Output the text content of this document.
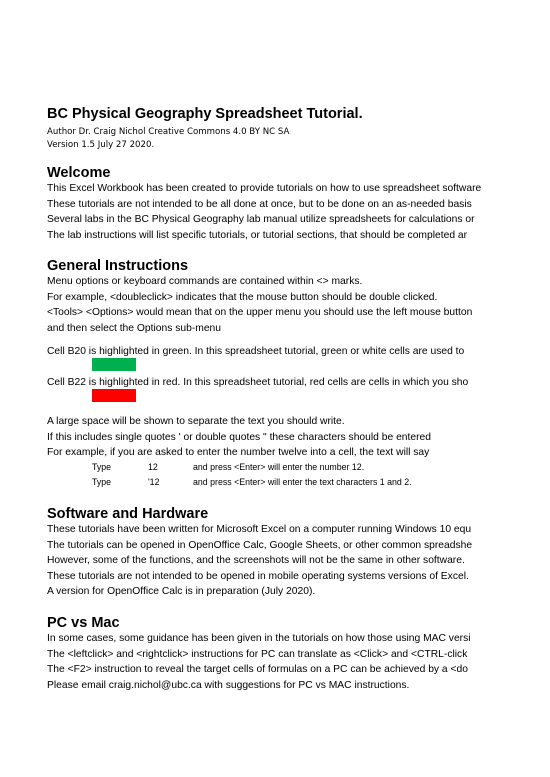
BC Physical Geography Spreadsheet Tutorial.
Author Dr. Craig Nichol Creative Commons 4.0 BY NC SA
Version 1.5 July 27 2020.
Welcome
This Excel Workbook has been created to provide tutorials on how to use spreadsheet software
These tutorials are not intended to be all done at once, but to be done on an as-needed basis
Several labs in the BC Physical Geography lab manual utilize spreadsheets for calculations or
The lab instructions will list specific tutorials, or tutorial sections, that should be completed ar
General Instructions
Menu options or keyboard commands are contained within <> marks.
For example, <doubleclick> indicates that the mouse button should be double clicked.
<Tools> <Options> would mean that on the upper menu you should use the left mouse button
and then select the Options sub-menu
Cell B20 is highlighted in green. In this spreadsheet tutorial, green or white cells are used to
Cell B22 is highlighted in red. In this spreadsheet tutorial, red cells are cells in which you sho
A large space will be shown to separate the text you should write.
If this includes single quotes ' or double quotes " these characters should be entered
For example, if you are asked to enter the number twelve into a cell, the text will say
Type	12	and press <Enter> will enter the number 12.
Type	'12	and press <Enter> will enter the text characters 1 and 2.
Software and Hardware
These tutorials have been written for Microsoft Excel on a computer running Windows 10 equ
The tutorials can be opened in OpenOffice Calc, Google Sheets, or other common spreadshe
However, some of the functions, and the screenshots will not be the same in other software.
These tutorials are not intended to be opened in mobile operating systems versions of Excel.
A version for OpenOffice Calc is in preparation (July 2020).
PC vs Mac
In some cases, some guidance has been given in the tutorials on how those using MAC versi
The <leftclick> and <rightclick> instructions for PC can translate as <Click> and <CTRL-click
The <F2> instruction to reveal the target cells of formulas on a PC can be achieved by a <do
Please email craig.nichol@ubc.ca with suggestions for PC vs MAC instructions.
